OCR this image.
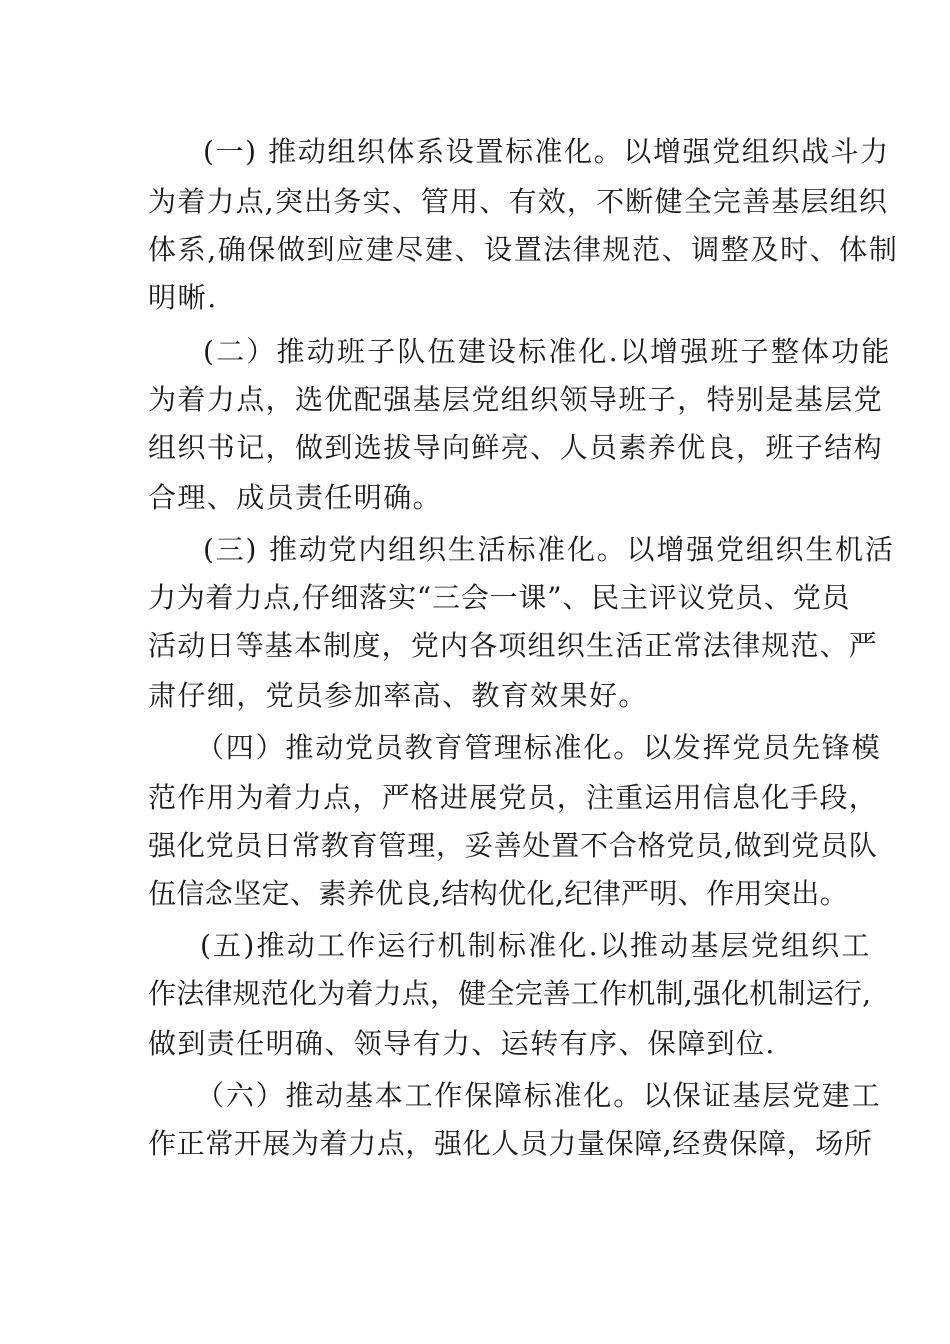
(一) 推动组织体系设置标准化。以增强党组织战斗力
为着力点,突出务实、管用、有效，不断健全完善基层组织
体系,确保做到应建尽建、设置法律规范、调整及时、体制
明晰.
(二）推动班子队伍建设标准化.以增强班子整体功能
为着力点，选优配强基层党组织领导班子，特别是基层党
组织书记，做到选拔导向鲜亮、人员素养优良，班子结构
合理、成员责任明确。
(三) 推动党内组织生活标准化。以增强党组织生机活
力为着力点,仔细落实“三会一课”、民主评议党员、党员
活动日等基本制度，党内各项组织生活正常法律规范、严
肃仔细，党员参加率高、教育效果好。
（四）推动党员教育管理标准化。以发挥党员先锋模
范作用为着力点，严格进展党员，注重运用信息化手段，
强化党员日常教育管理，妥善处置不合格党员,做到党员队
伍信念坚定、素养优良,结构优化,纪律严明、作用突出。
(五)推动工作运行机制标准化.以推动基层党组织工
作法律规范化为着力点，健全完善工作机制,强化机制运行,
做到责任明确、领导有力、运转有序、保障到位.
（六）推动基本工作保障标准化。以保证基层党建工
作正常开展为着力点，强化人员力量保障,经费保障，场所
